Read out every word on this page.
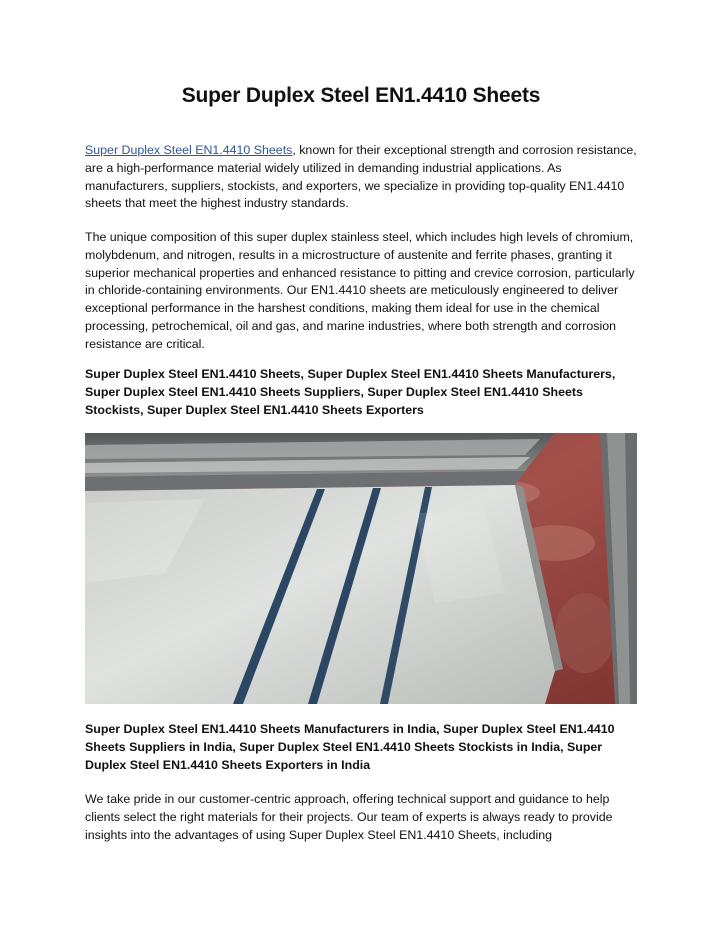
Super Duplex Steel EN1.4410 Sheets

Super Duplex Steel EN1.4410 Sheets, known for their exceptional strength and corrosion resistance, are a high-performance material widely utilized in demanding industrial applications. As manufacturers, suppliers, stockists, and exporters, we specialize in providing top-quality EN1.4410 sheets that meet the highest industry standards.

The unique composition of this super duplex stainless steel, which includes high levels of chromium, molybdenum, and nitrogen, results in a microstructure of austenite and ferrite phases, granting it superior mechanical properties and enhanced resistance to pitting and crevice corrosion, particularly in chloride-containing environments. Our EN1.4410 sheets are meticulously engineered to deliver exceptional performance in the harshest conditions, making them ideal for use in the chemical processing, petrochemical, oil and gas, and marine industries, where both strength and corrosion resistance are critical.

Super Duplex Steel EN1.4410 Sheets, Super Duplex Steel EN1.4410 Sheets Manufacturers, Super Duplex Steel EN1.4410 Sheets Suppliers, Super Duplex Steel EN1.4410 Sheets Stockists, Super Duplex Steel EN1.4410 Sheets Exporters

Super Duplex Steel EN1.4410 Sheets Manufacturers in India, Super Duplex Steel EN1.4410 Sheets Suppliers in India, Super Duplex Steel EN1.4410 Sheets Stockists in India, Super Duplex Steel EN1.4410 Sheets Exporters in India

We take pride in our customer-centric approach, offering technical support and guidance to help clients select the right materials for their projects. Our team of experts is always ready to provide insights into the advantages of using Super Duplex Steel EN1.4410 Sheets, including
